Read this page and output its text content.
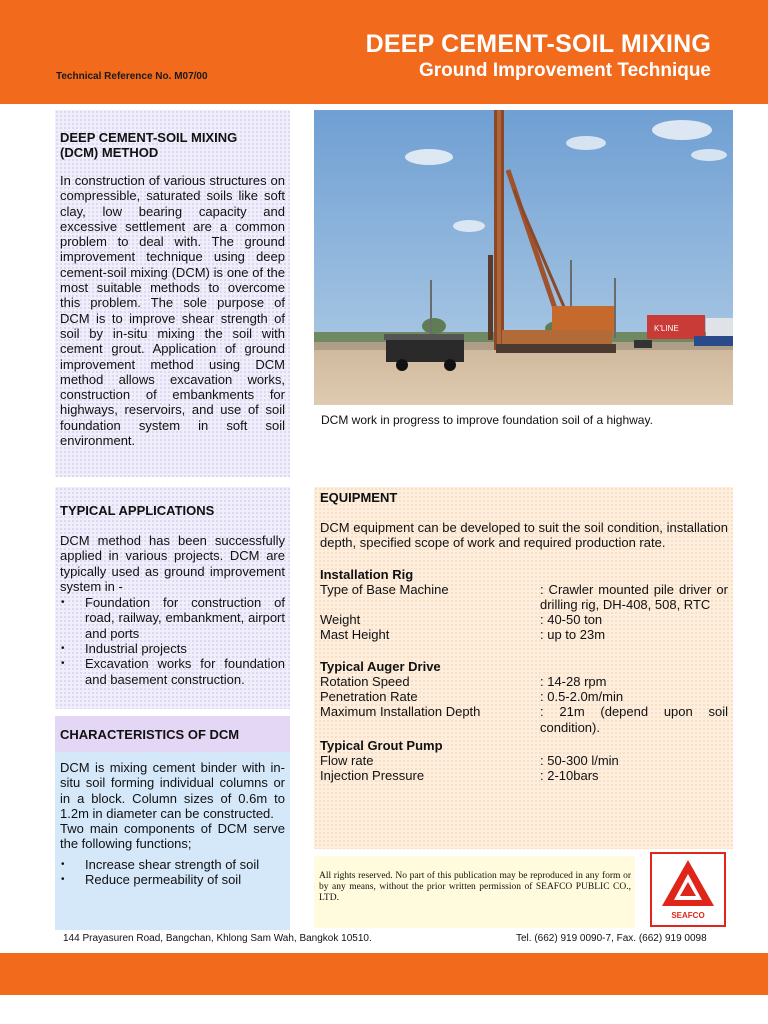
DEEP CEMENT-SOIL MIXING
Ground Improvement Technique
Technical Reference No. M07/00
DEEP CEMENT-SOIL MIXING
(DCM) METHOD

In construction of various structures on compressible, saturated soils like soft clay, low bearing capacity and excessive settlement are a common problem to deal with. The ground improvement technique using deep cement-soil mixing (DCM) is one of the most suitable methods to overcome this problem. The sole purpose of DCM is to improve shear strength of soil by in-situ mixing the soil with cement grout. Application of ground improvement method using DCM method allows excavation works, construction of embankments for highways, reservoirs, and use of soil foundation system in soft soil environment.

K'LINE
DCM work in progress to improve foundation soil of a highway.
TYPICAL APPLICATIONS

DCM method has been successfully applied in various projects. DCM are typically used as ground improvement system in -

• Foundation for construction of road, railway, embankment, airport and ports
• Industrial projects
• Excavation works for foundation and basement construction.
CHARACTERISTICS OF DCM

DCM is mixing cement binder with in-situ soil forming individual columns or in a block. Column sizes of 0.6m to 1.2m in diameter can be constructed.

Two main components of DCM serve the following functions;

• Increase shear strength of soil
• Reduce permeability of soil
EQUIPMENT

DCM equipment can be developed to suit the soil condition, installation depth, specified scope of work and required production rate.

Installation Rig
Type of Base Machine	: Crawler mounted pile driver or drilling rig, DH-408, 508, RTC
Weight	: 40-50 ton
Mast Height	: up to 23m
Typical Auger Drive
Rotation Speed	: 14-28 rpm
Penetration Rate	: 0.5-2.0m/min
Maximum Installation Depth	: 21m (depend upon soil condition).
Typical Grout Pump
Flow rate	: 50-300 l/min
Injection Pressure	: 2-10bars
All rights reserved. No part of this publication may be reproduced in any form or by any means, without the prior written permission of SEAFCO PUBLIC CO., LTD.
SEAFCO
144 Prayasuren Road, Bangchan, Khlong Sam Wah, Bangkok 10510.	Tel. (662) 919 0090-7, Fax. (662) 919 0098
